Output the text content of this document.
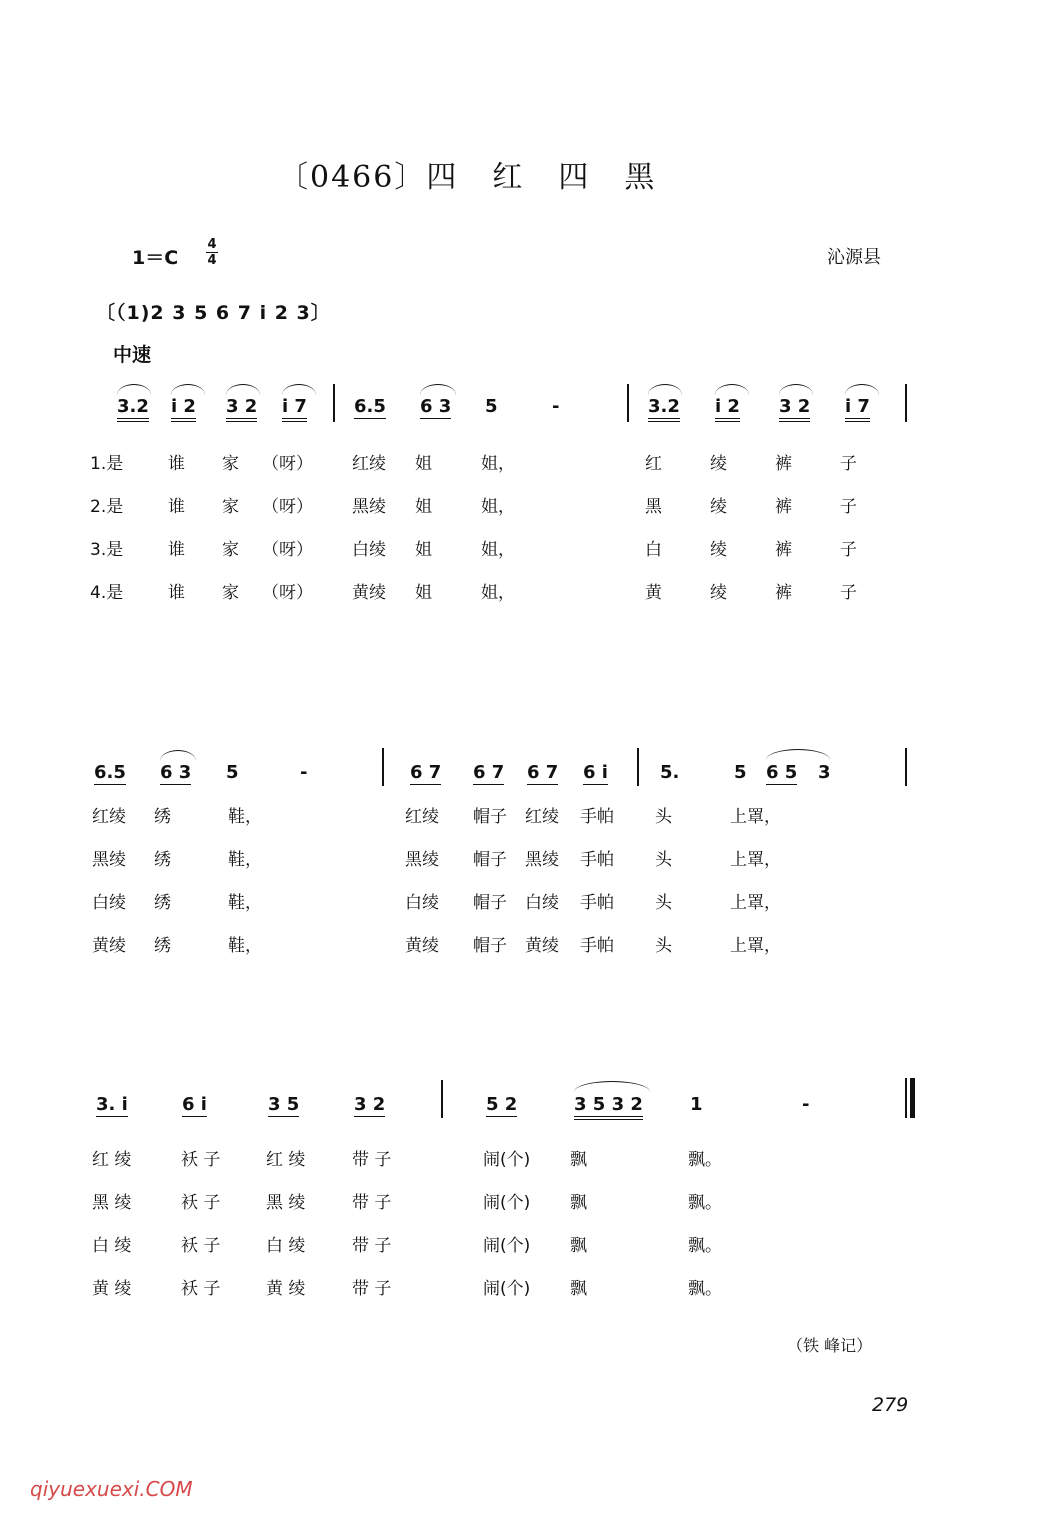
〔0466〕四 红 四 黑
1＝C
4
4	沁源县
〔（1)2 3 5 6 7 i 2 3〕
中速
3.2 i 2 3 2 i 7	6.5 6 3 5	-	3.2 i 2 3 2 i 7
1.是	谁 家 （呀） 红绫 姐	姐，	红	绫	裤	子
2.是	谁 家 （呀） 黑绫 姐	姐，	黑	绫	裤	子
3.是	谁 家 （呀） 白绫 姐	姐，	白	绫	裤	子
4.是	谁 家 （呀） 黄绫 姐	姐，	黄	绫	裤	子
6.5 6 3 5	-	6 7 6 7 6 7 6 i	5.	5 6 5 3
红绫 绣	鞋，	红绫 帽子 红绫 手帕 头	上罩，
黑绫 绣	鞋，	黑绫 帽子 黑绫 手帕 头	上罩，
白绫 绣	鞋，	白绫 帽子 白绫 手帕 头	上罩，
黄绫 绣	鞋，	黄绫 帽子 黄绫 手帕 头	上罩，
3. i	6 i	3 5	3 2	5 2	3 5 3 2	1	-
红 绫	袄 子	红 绫	带 子	闹(个) 飘	飘。
黑 绫	袄 子	黑 绫	带 子	闹(个) 飘	飘。
白 绫	袄 子	白 绫	带 子	闹(个) 飘	飘。
黄 绫	袄 子	黄 绫	带 子	闹(个) 飘	飘。
（铁 峰记）
279
qiyuexuexi.COM
